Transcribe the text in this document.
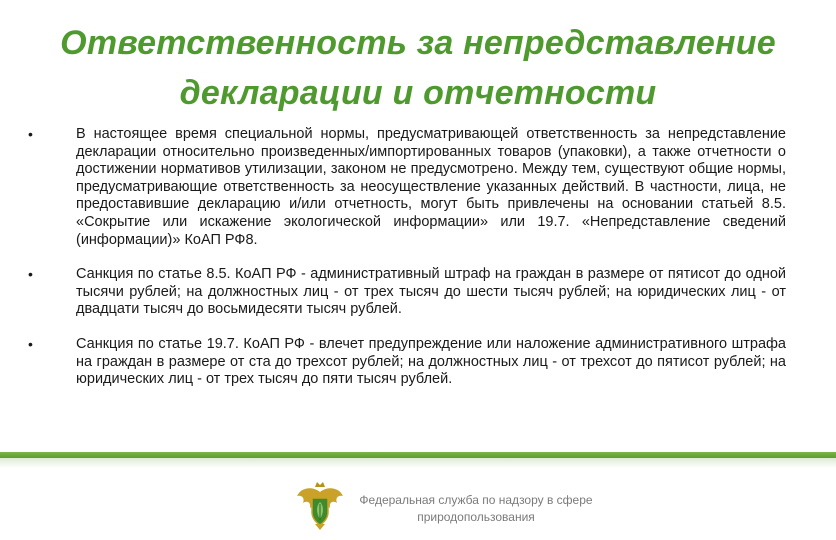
Ответственность за непредставление декларации и отчетности
•	В настоящее время специальной нормы, предусматривающей ответственность за непредставление декларации относительно произведенных/импортированных товаров (упаковки), а также отчетности о достижении нормативов утилизации, законом не предусмотрено. Между тем, существуют общие нормы, предусматривающие ответственность за неосуществление указанных действий. В частности, лица, не предоставившие декларацию и/или отчетность, могут быть привлечены на основании статьей 8.5. «Сокрытие или искажение экологической информации» или 19.7. «Непредставление сведений (информации)» КоАП РФ8.
•	Санкция по статье 8.5. КоАП РФ - административный штраф на граждан в размере от пятисот до одной тысячи рублей; на должностных лиц - от трех тысяч до шести тысяч рублей; на юридических лиц - от двадцати тысяч до восьмидесяти тысяч рублей.
•	Санкция по статье 19.7. КоАП РФ - влечет предупреждение или наложение административного штрафа на граждан в размере от ста до трехсот рублей; на должностных лиц - от трехсот до пятисот рублей; на юридических лиц - от трех тысяч до пяти тысяч рублей.
Федеральная служба по надзору в сфере
природопользования
